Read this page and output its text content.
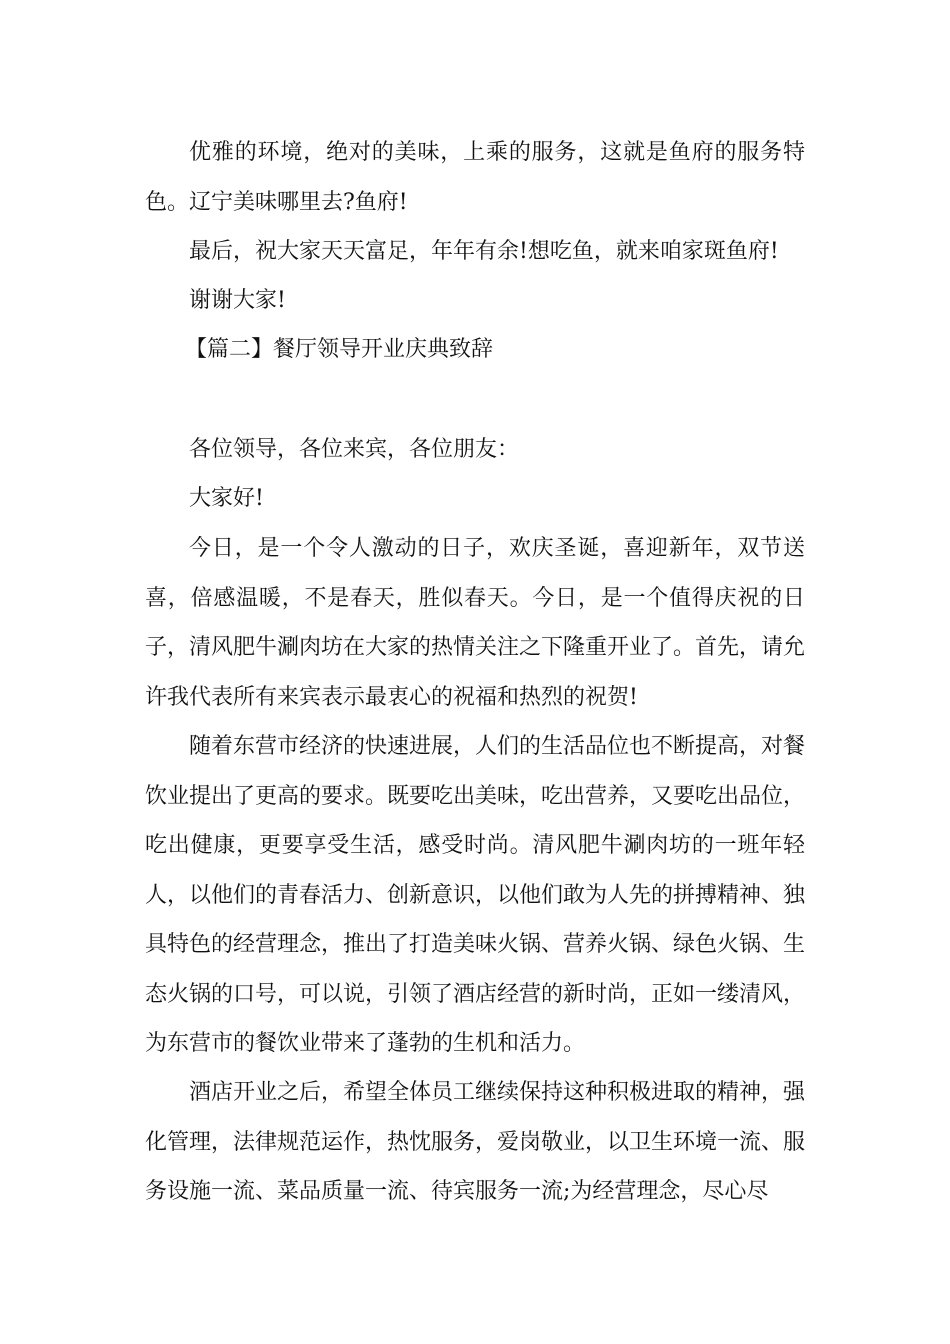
优雅的环境，绝对的美味，上乘的服务，这就是鱼府的服务特色。辽宁美味哪里去?鱼府!

最后，祝大家天天富足，年年有余!想吃鱼，就来咱家斑鱼府!

谢谢大家!

【篇二】餐厅领导开业庆典致辞

各位领导，各位来宾，各位朋友：

大家好!

今日，是一个令人激动的日子，欢庆圣诞，喜迎新年，双节送喜，倍感温暖，不是春天，胜似春天。今日，是一个值得庆祝的日子，清风肥牛涮肉坊在大家的热情关注之下隆重开业了。首先，请允许我代表所有来宾表示最衷心的祝福和热烈的祝贺!

随着东营市经济的快速进展，人们的生活品位也不断提高，对餐饮业提出了更高的要求。既要吃出美味，吃出营养，又要吃出品位，吃出健康，更要享受生活，感受时尚。清风肥牛涮肉坊的一班年轻人，以他们的青春活力、创新意识，以他们敢为人先的拼搏精神、独具特色的经营理念，推出了打造美味火锅、营养火锅、绿色火锅、生态火锅的口号，可以说，引领了酒店经营的新时尚，正如一缕清风，为东营市的餐饮业带来了蓬勃的生机和活力。

酒店开业之后，希望全体员工继续保持这种积极进取的精神，强化管理，法律规范运作，热忱服务，爱岗敬业，以卫生环境一流、服务设施一流、菜品质量一流、待宾服务一流;为经营理念，尽心尽
